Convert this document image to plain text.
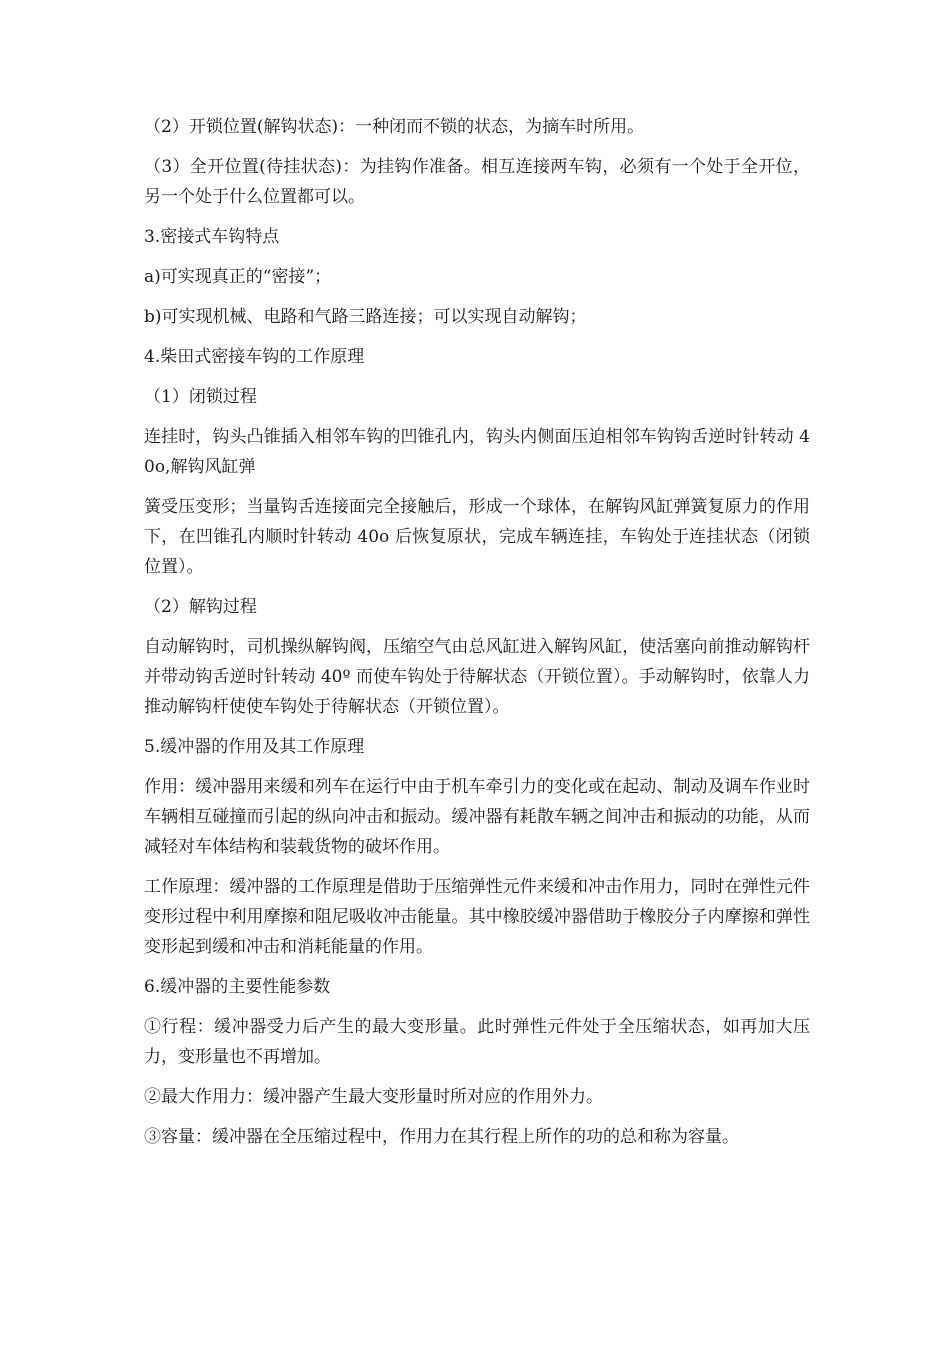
（2）开锁位置(解钩状态)：一种闭而不锁的状态，为摘车时所用。

（3）全开位置(待挂状态)：为挂钩作准备。相互连接两车钩，必须有一个处于全开位，另一个处于什么位置都可以。

3.密接式车钩特点

a)可实现真正的“密接”；

b)可实现机械、电路和气路三路连接；可以实现自动解钩；

4.柴田式密接车钩的工作原理

（1）闭锁过程

连挂时，钩头凸锥插入相邻车钩的凹锥孔内，钩头内侧面压迫相邻车钩钩舌逆时针转动 40o,解钩风缸弹

簧受压变形；当量钩舌连接面完全接触后，形成一个球体，在解钩风缸弹簧复原力的作用下，在凹锥孔内顺时针转动 40o 后恢复原状，完成车辆连挂，车钩处于连挂状态（闭锁位置）。

（2）解钩过程

自动解钩时，司机操纵解钩阀，压缩空气由总风缸进入解钩风缸，使活塞向前推动解钩杆并带动钩舌逆时针转动 40º 而使车钩处于待解状态（开锁位置）。手动解钩时，依靠人力推动解钩杆使使车钩处于待解状态（开锁位置）。

5.缓冲器的作用及其工作原理

作用：缓冲器用来缓和列车在运行中由于机车牵引力的变化或在起动、制动及调车作业时车辆相互碰撞而引起的纵向冲击和振动。缓冲器有耗散车辆之间冲击和振动的功能，从而减轻对车体结构和装载货物的破坏作用。

工作原理：缓冲器的工作原理是借助于压缩弹性元件来缓和冲击作用力，同时在弹性元件变形过程中利用摩擦和阻尼吸收冲击能量。其中橡胶缓冲器借助于橡胶分子内摩擦和弹性变形起到缓和冲击和消耗能量的作用。

6.缓冲器的主要性能参数

①行程：缓冲器受力后产生的最大变形量。此时弹性元件处于全压缩状态，如再加大压力，变形量也不再增加。

②最大作用力：缓冲器产生最大变形量时所对应的作用外力。

③容量：缓冲器在全压缩过程中，作用力在其行程上所作的功的总和称为容量。
